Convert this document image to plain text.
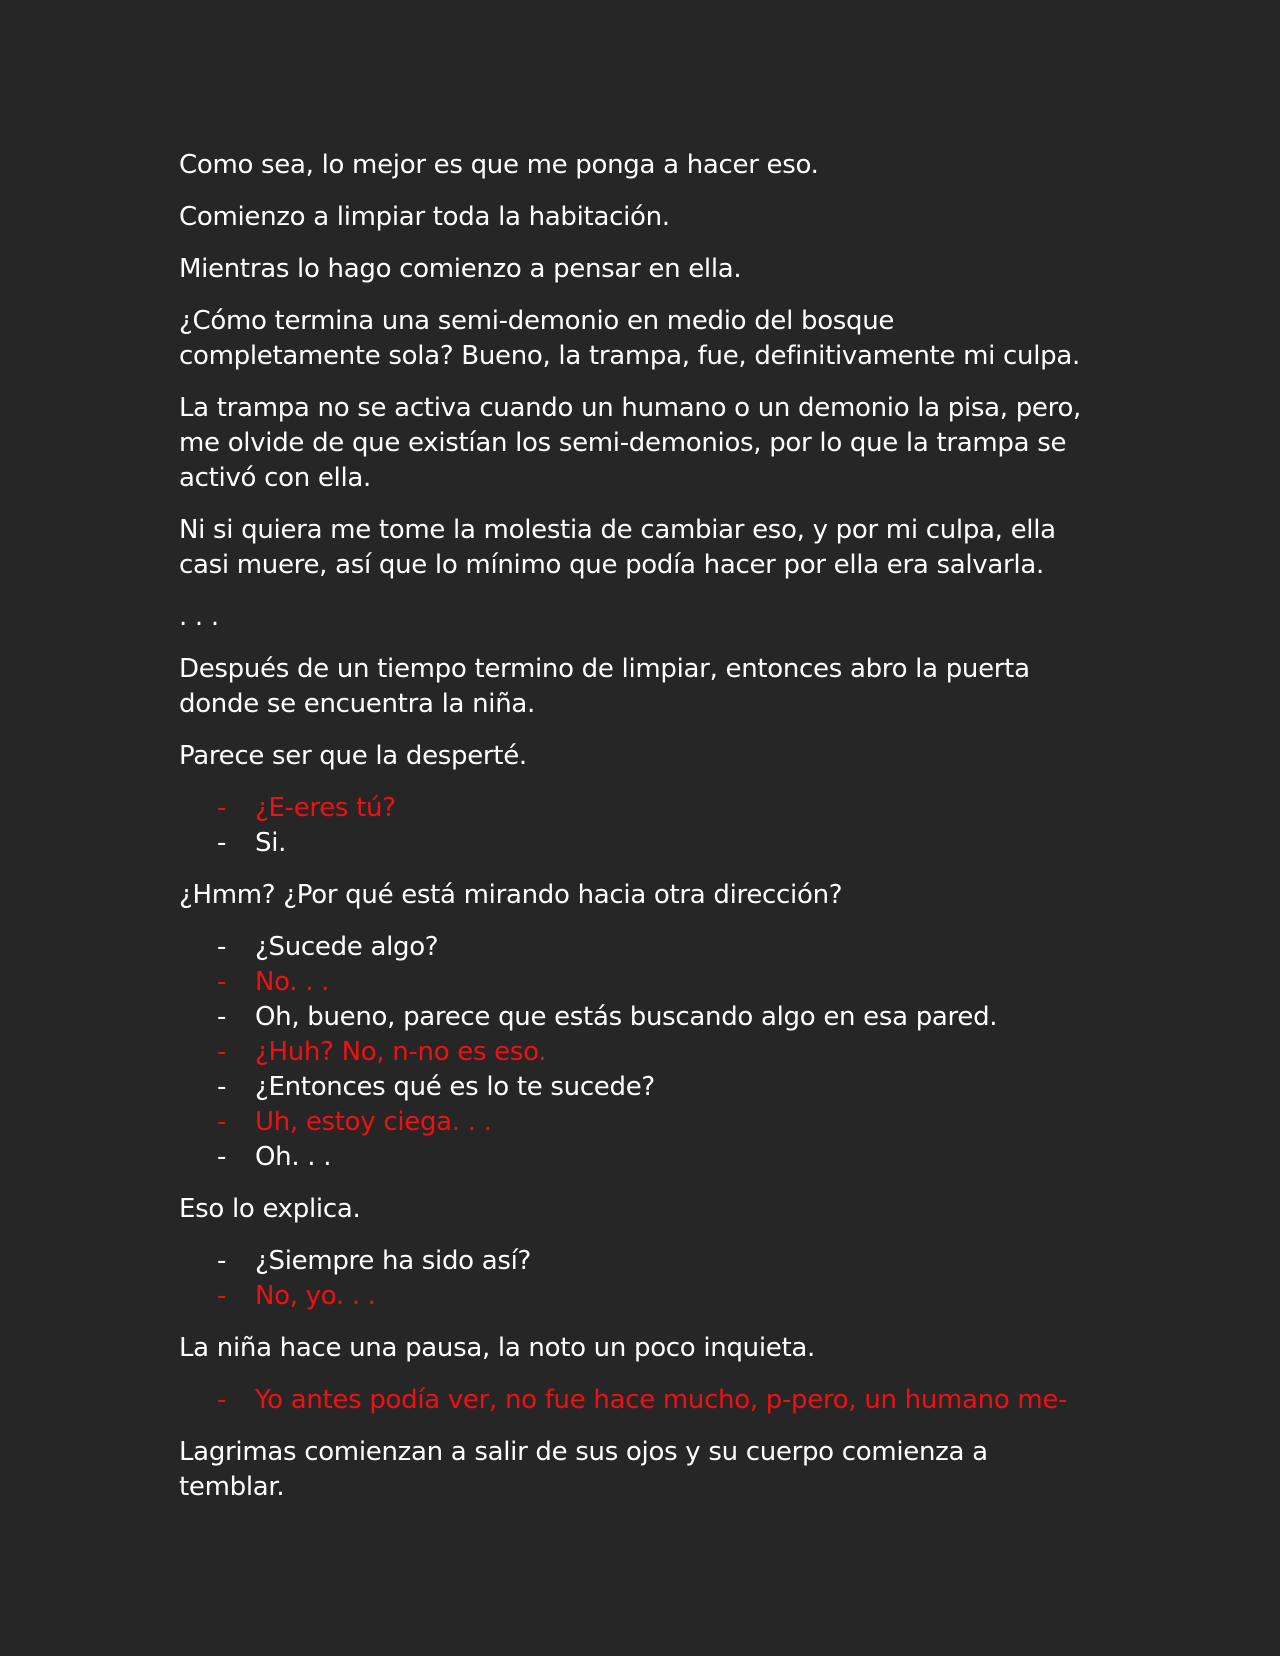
Como sea, lo mejor es que me ponga a hacer eso.

Comienzo a limpiar toda la habitación.

Mientras lo hago comienzo a pensar en ella.

¿Cómo termina una semi-demonio en medio del bosque completamente sola? Bueno, la trampa, fue, definitivamente mi culpa.

La trampa no se activa cuando un humano o un demonio la pisa, pero, me olvide de que existían los semi-demonios, por lo que la trampa se activó con ella.

Ni si quiera me tome la molestia de cambiar eso, y por mi culpa, ella casi muere, así que lo mínimo que podía hacer por ella era salvarla.

. . .

Después de un tiempo termino de limpiar, entonces abro la puerta donde se encuentra la niña.

Parece ser que la desperté.

-	¿E-eres tú?
-	Si.

¿Hmm? ¿Por qué está mirando hacia otra dirección?

-	¿Sucede algo?
-	No. . .
-	Oh, bueno, parece que estás buscando algo en esa pared.
-	¿Huh? No, n-no es eso.
-	¿Entonces qué es lo te sucede?
-	Uh, estoy ciega. . .
-	Oh. . .

Eso lo explica.

-	¿Siempre ha sido así?
-	No, yo. . .

La niña hace una pausa, la noto un poco inquieta.

-	Yo antes podía ver, no fue hace mucho, p-pero, un humano me-

Lagrimas comienzan a salir de sus ojos y su cuerpo comienza a temblar.
